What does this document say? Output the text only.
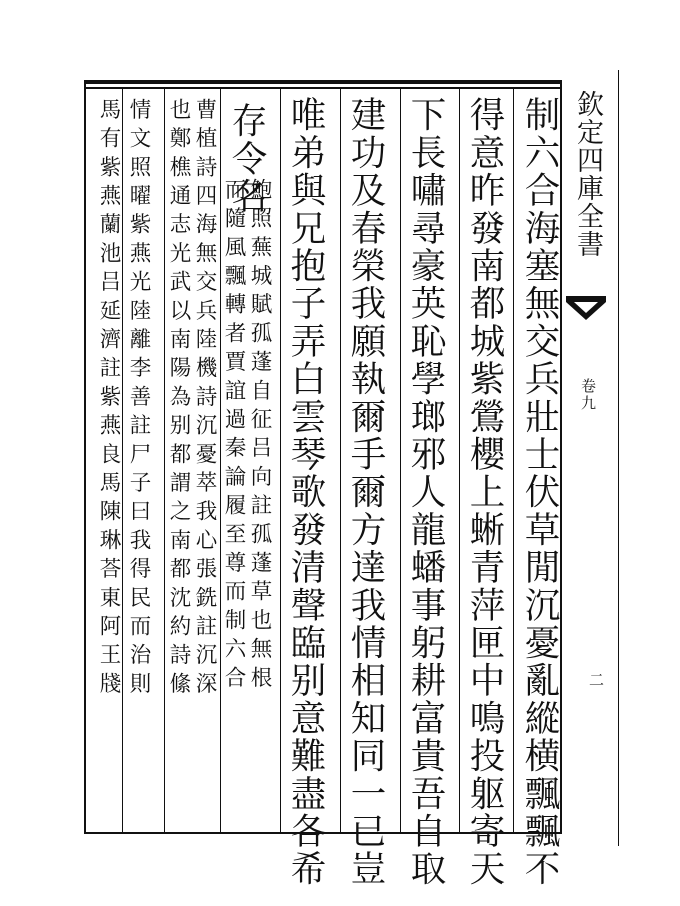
欽定四庫全書
卷九
二
制六合海塞無交兵壯士伏草閒沉憂亂縱横飄飄不
得意昨發南都城紫鶯櫻上蜥青萍匣中鳴投躯寄天
下長嘯尋豪英恥學瑯邪人龍蟠事躬耕富貴吾自取
建功及春榮我願執爾手爾方達我情相知同一已豈
唯弟與兄抱子弄白雲琴歌發清聲臨别意難盡各希
存令名
鮑照蕪城賦孤蓬自征吕向註孤蓬草也無根
而隨風飄轉者賈誼過秦論履至尊而制六合
曹植詩四海無交兵陸機詩沉憂萃我心張銑註沉深
也鄭樵通志光武以南陽為别都謂之南都沈約詩絛
情文照曜紫燕光陸離李善註尸子曰我得民而治則
馬有紫燕蘭池吕延濟註紫燕良馬陳琳荅東阿王牋
